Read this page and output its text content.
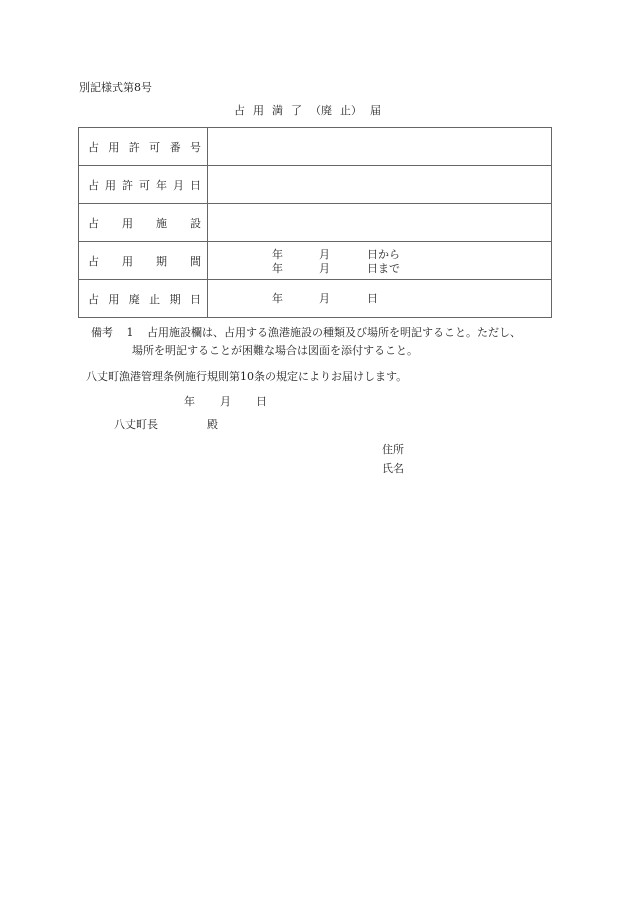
別記様式第8号
占 用 満 了 （廃 止） 届
占 用 許 可 番 号

占 用 許 可 年 月 日

占 用 施 設	

占 用 期 間	年	月	日から
年	月	日まで

占 用 廃 止 期 日	年	月	日
備考 1 占用施設欄は、占用する漁港施設の種類及び場所を明記すること。ただし、
場所を明記することが困難な場合は図面を添付すること。
八丈町漁港管理条例施行規則第10条の規定によりお届けします。
年 月 日
八丈町長	殿
住所
氏名
